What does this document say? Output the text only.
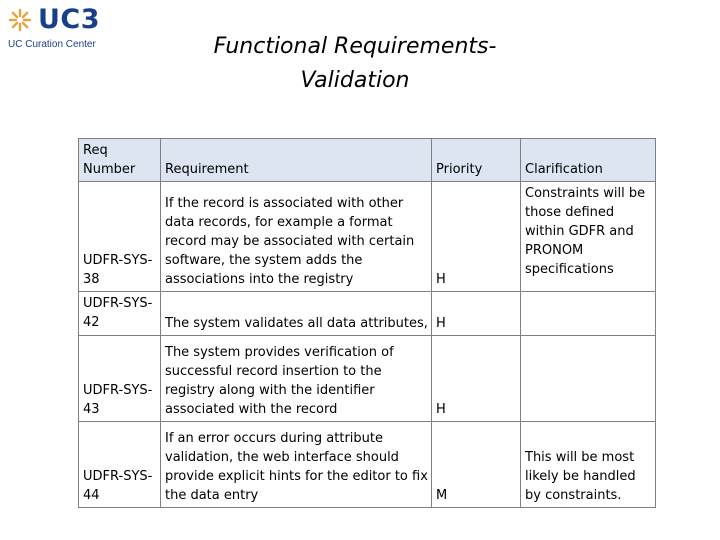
UC3
UC Curation Center	Functional Requirements-
Validation
Req Number	Requirement	Priority	Clarification
UDFR-SYS-38	If the record is associated with other data records, for example a format record may be associated with certain software, the system adds the associations into the registry	H	Constraints will be those defined within GDFR and PRONOM specifications
UDFR-SYS-42	The system validates all data attributes,	H	
UDFR-SYS-43	The system provides verification of successful record insertion to the registry along with the identifier associated with the record	H	
UDFR-SYS-44	If an error occurs during attribute validation, the web interface should provide explicit hints for the editor to fix the data entry	M	This will be most likely be handled by constraints.
